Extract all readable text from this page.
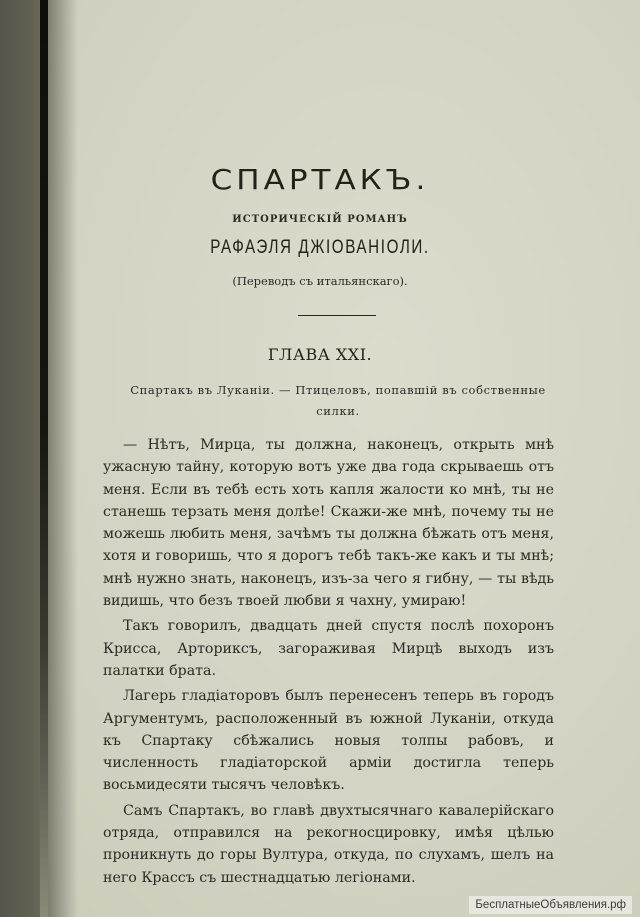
СПАРТАКЪ.
ИСТОРИЧЕСКІЙ РОМАНЪ
РАФАЭЛЯ ДЖІОВАНІОЛИ.
(Переводъ съ итальянскаго).
ГЛАВА XXI.
Спартакъ въ Луканіи. — Птицеловъ, попавшій въ собственные силки.

— Нѣтъ, Мирца, ты должна, наконецъ, открыть мнѣ ужасную тайну, которую вотъ уже два года скрываешь отъ меня. Если въ тебѣ есть хоть капля жалости ко мнѣ, ты не станешь терзать меня долѣе! Скажи-же мнѣ, почему ты не можешь любить меня, зачѣмъ ты должна бѣжать отъ меня, хотя и говоришь, что я дорогъ тебѣ такъ-же какъ и ты мнѣ; мнѣ нужно знать, наконецъ, изъ-за чего я гибну, — ты вѣдь видишь, что безъ твоей любви я чахну, умираю!

Такъ говорилъ, двадцать дней спустя послѣ похоронъ Крисса, Арториксъ, загораживая Мирцѣ выходъ изъ палатки брата.

Лагерь гладіаторовъ былъ перенесенъ теперь въ городъ Аргументумъ, расположенный въ южной Луканіи, откуда къ Спартаку сбѣжались новыя толпы рабовъ, и численность гладіаторской арміи достигла теперь восьмидесяти тысячъ человѣкъ.

Самъ Спартакъ, во главѣ двухтысячнаго кавалерійскаго отряда, отправился на рекогносцировку, имѣя цѣлью проникнуть до горы Вултура, откуда, по слухамъ, шелъ на него Крассъ съ шестнадцатью легіонами.

БесплатныеОбъявления.рф
